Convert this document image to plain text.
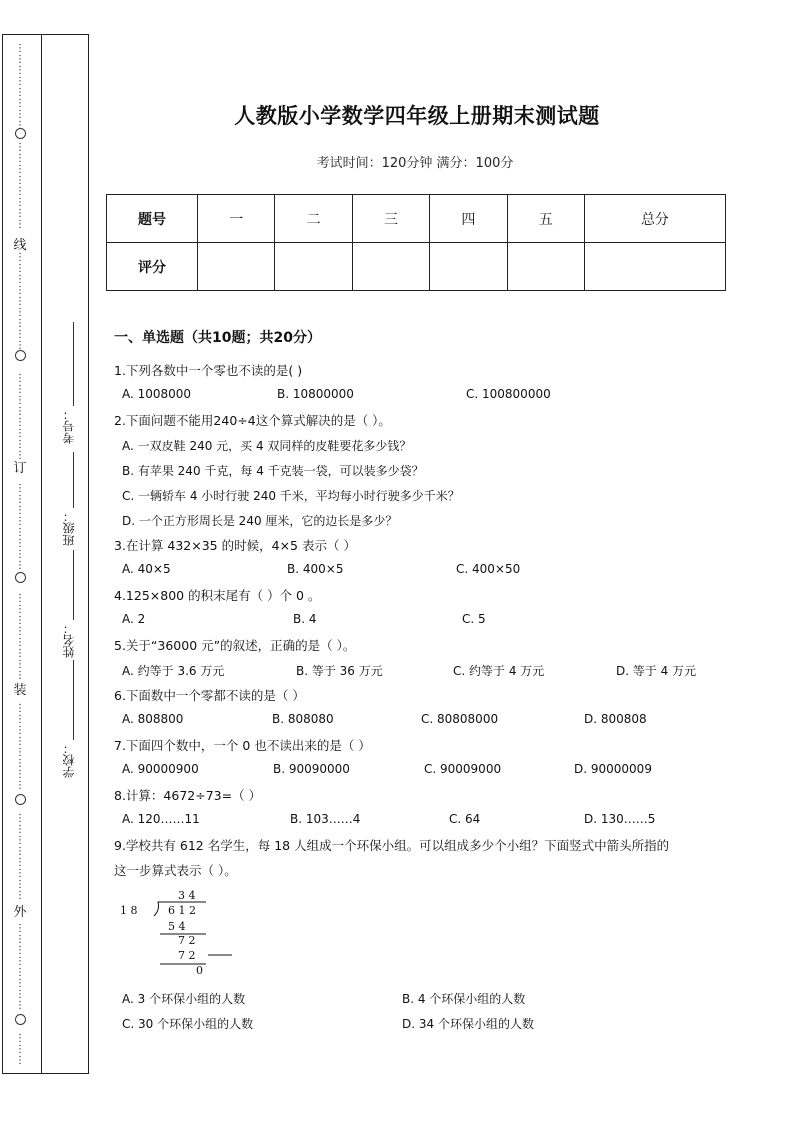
⋮
⋮
⋮
⋮
⋮
⋮
⋮
⋮
⋮
⋮
⋮
⋮
⋮
⋮
⋮
⋮
⋮
⋮
⋮
⋮
⋮
⋮
⋮
⋮
⋮
⋮
⋮
⋮
⋮
⋮
⋮
⋮
⋮
⋮
⋮
⋮
⋮
⋮
⋮
⋮
⋮
⋮
⋮
⋮
⋮
⋮
⋮
⋮
⋮
⋮
⋮
⋮
⋮
⋮
⋮
⋮
⋮
⋮
⋮
⋮
⋮
⋮
⋮
⋮
⋮
⋮
⋮
⋮
⋮
⋮
⋮
⋮
⋮
⋮
⋮
⋮
线
订
装
外
考号：
班级：
姓名：
学校：
人教版小学数学四年级上册期末测试题
考试时间：120分钟 满分：100分
题号	一	二	三	四	五	总分
评分						
一、单选题（共10题；共20分）
1.下列各数中一个零也不读的是( )
A. 1008000	B. 10800000	C. 100800000
2.下面问题不能用240÷4这个算式解决的是（ ）。
A. 一双皮鞋 240 元，买 4 双同样的皮鞋要花多少钱？
B. 有苹果 240 千克，每 4 千克装一袋，可以装多少袋？
C. 一辆轿车 4 小时行驶 240 千米，平均每小时行驶多少千米？
D. 一个正方形周长是 240 厘米，它的边长是多少？
3.在计算 432×35 的时候，4×5 表示（ ）
A. 40×5	B. 400×5	C. 400×50
4.125×800 的积末尾有（ ）个 0 。
A. 2	B. 4	C. 5
5.关于“36000 元”的叙述，正确的是（ ）。
A. 约等于 3.6 万元	B. 等于 36 万元	C. 约等于 4 万元	D. 等于 4 万元
6.下面数中一个零都不读的是（ ）
A. 808800	B. 808080	C. 80808000	D. 800808
7.下面四个数中，一个 0 也不读出来的是（ ）
A. 90000900	B. 90090000	C. 90009000	D. 90000009
8.计算：4672÷73=（ ）
A. 120……11	B. 103……4	C. 64	D. 130……5
9.学校共有 612 名学生，每 18 人组成一个环保小组。可以组成多少个小组？下面竖式中箭头所指的
这一步算式表示（ ）。
1 8
3 4
6 1 2
5 4
7 2
7 2
0
A. 3 个环保小组的人数	B. 4 个环保小组的人数
C. 30 个环保小组的人数	D. 34 个环保小组的人数
